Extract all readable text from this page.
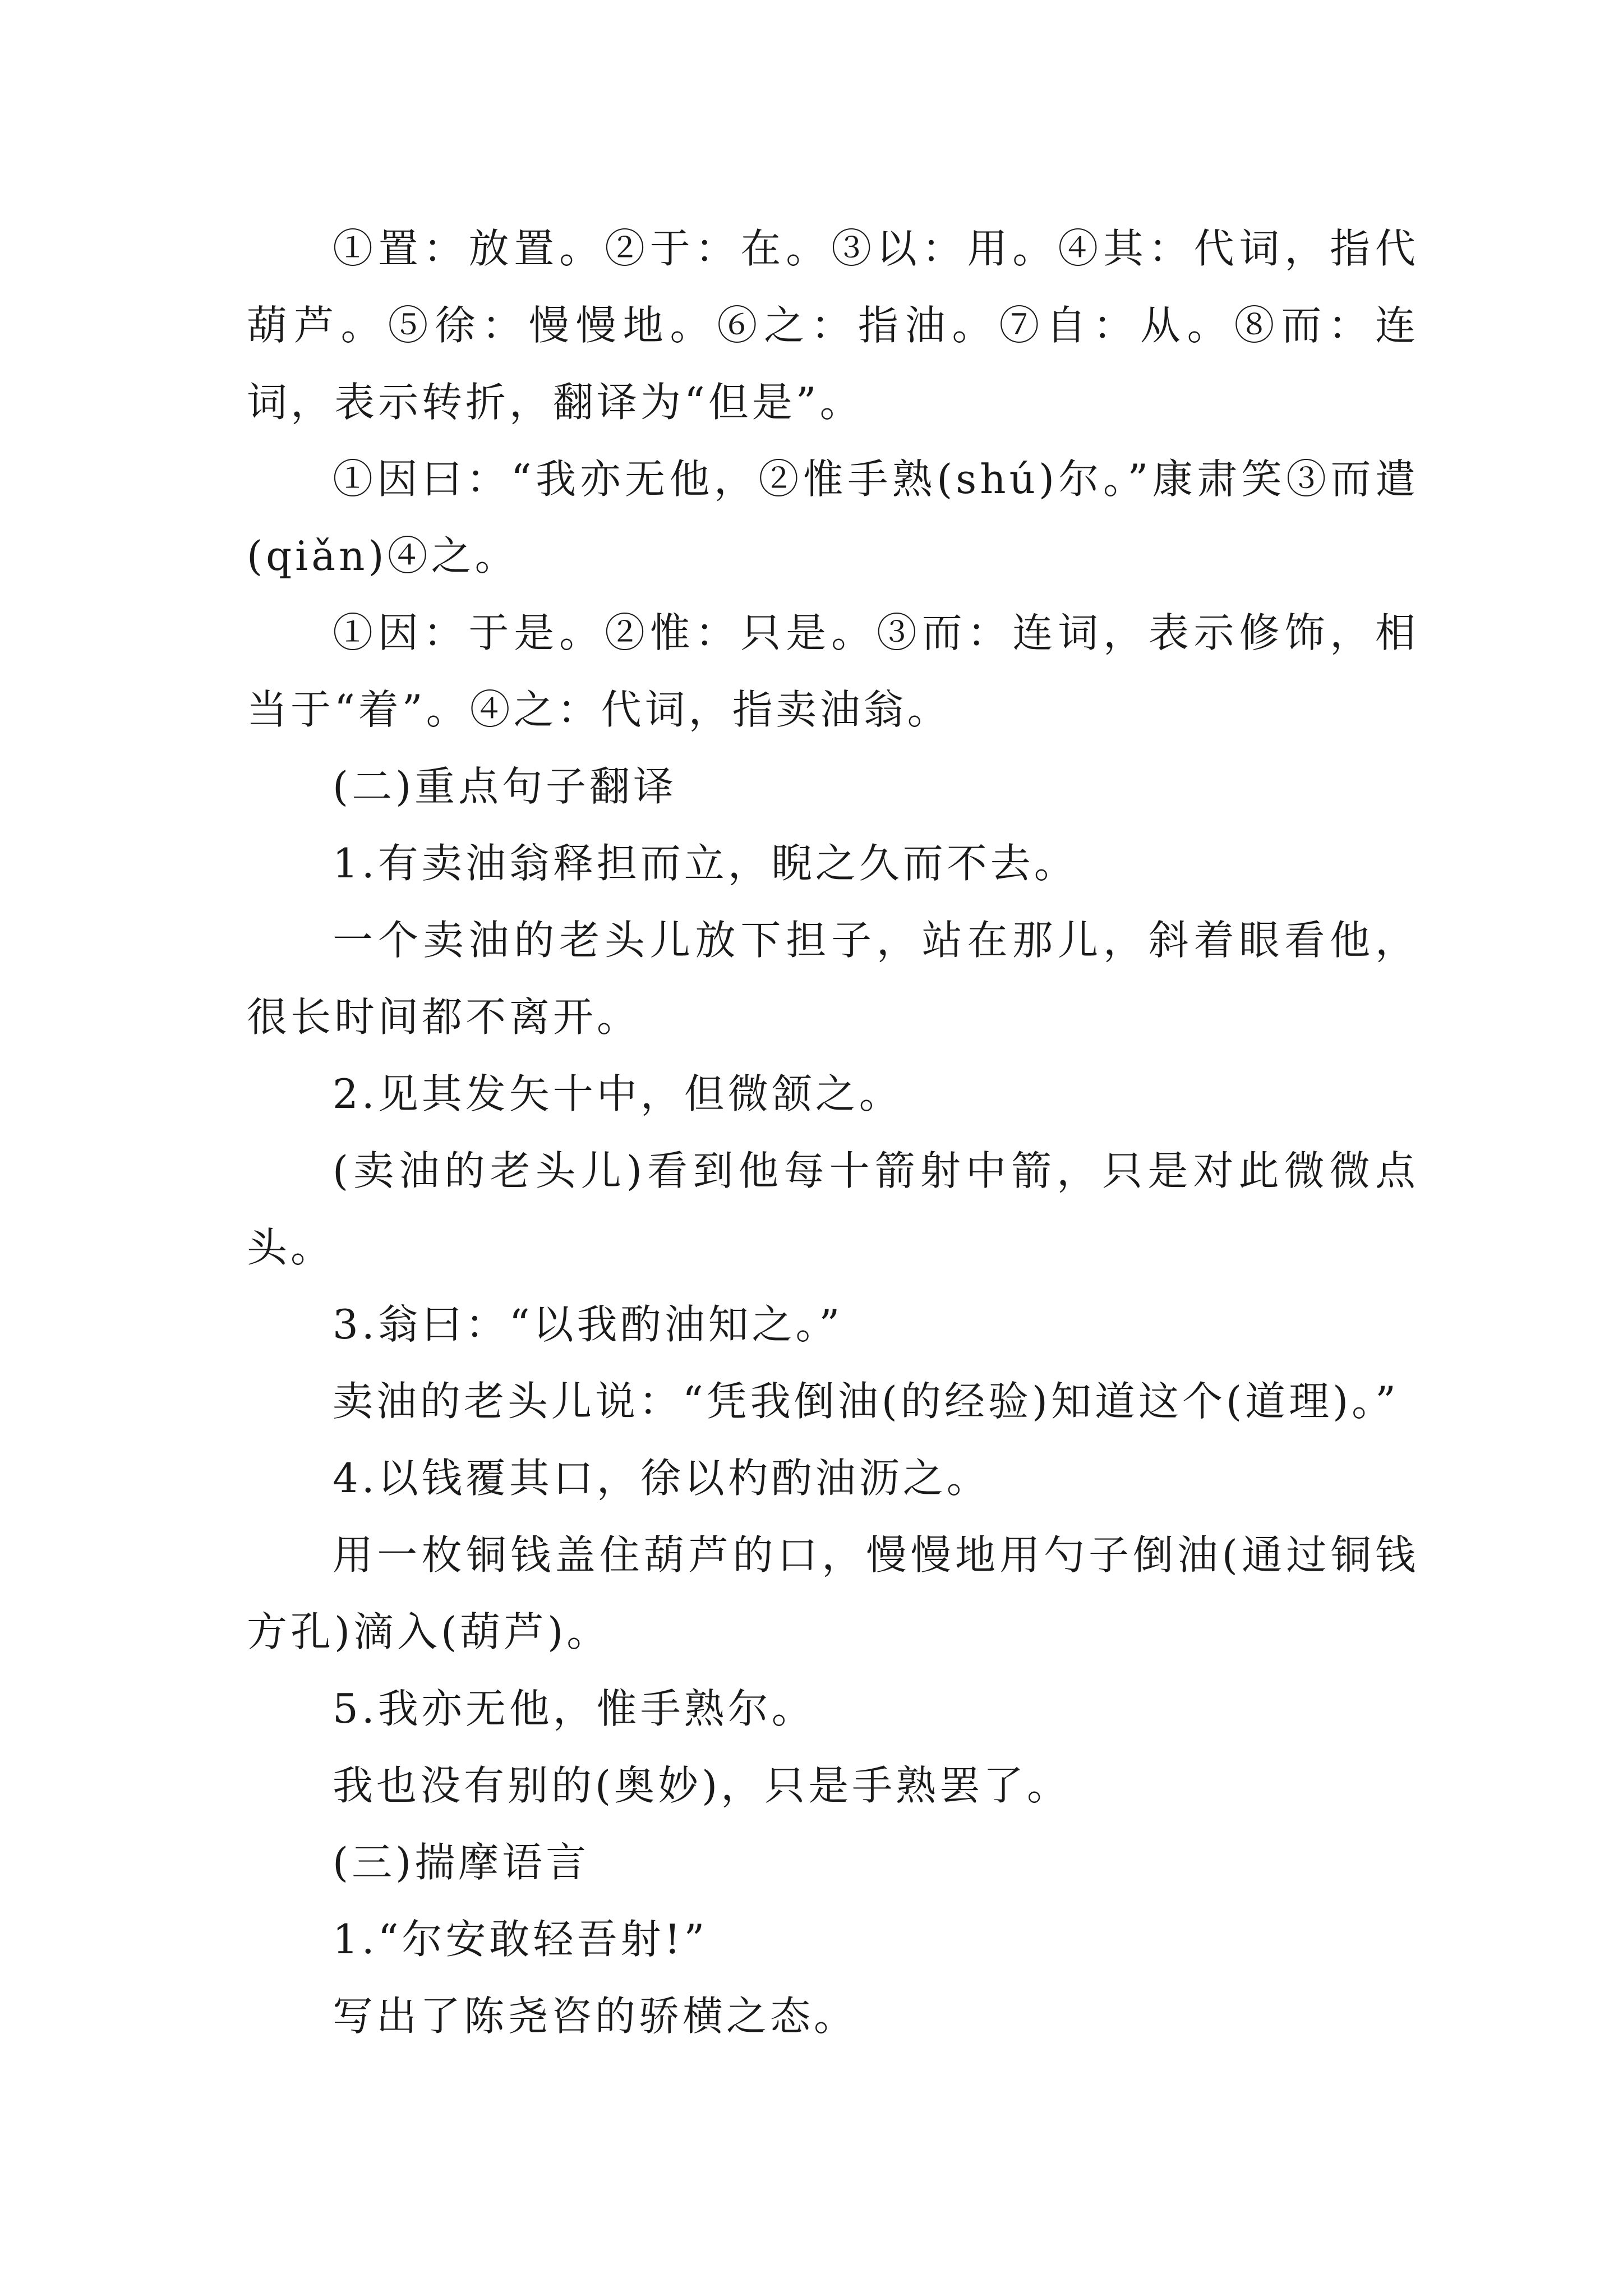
①置：放置。②于：在。③以：用。④其：代词，指代葫芦。⑤徐：慢慢地。⑥之：指油。⑦自：从。⑧而：连词，表示转折，翻译为“但是”。

①因曰：“我亦无他，②惟手熟(shú)尔。”康肃笑③而遣(qiǎn)④之。

①因：于是。②惟：只是。③而：连词，表示修饰，相当于“着”。④之：代词，指卖油翁。

(二)重点句子翻译

1.有卖油翁释担而立，睨之久而不去。

一个卖油的老头儿放下担子，站在那儿，斜着眼看他，很长时间都不离开。

2.见其发矢十中，但微颔之。

(卖油的老头儿)看到他每十箭射中箭，只是对此微微点头。

3.翁曰：“以我酌油知之。”

卖油的老头儿说：“凭我倒油(的经验)知道这个(道理)。”

4.以钱覆其口，徐以杓酌油沥之。

用一枚铜钱盖住葫芦的口，慢慢地用勺子倒油(通过铜钱方孔)滴入(葫芦)。

5.我亦无他，惟手熟尔。

我也没有别的(奥妙)，只是手熟罢了。

(三)揣摩语言

1.“尔安敢轻吾射!”

写出了陈尧咨的骄横之态。
